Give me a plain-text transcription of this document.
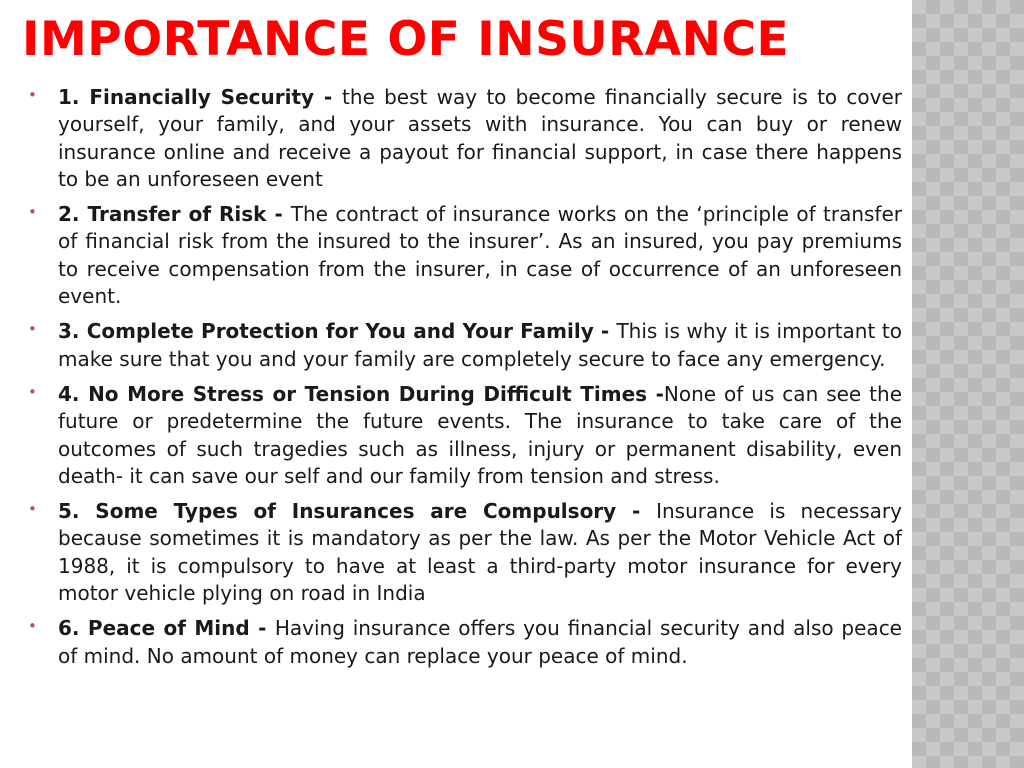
IMPORTANCE OF INSURANCE
• 1. Financially Security - the best way to become financially secure is to cover yourself, your family, and your assets with insurance. You can buy or renew insurance online and receive a payout for financial support, in case there happens to be an unforeseen event
• 2. Transfer of Risk - The contract of insurance works on the ‘principle of transfer of financial risk from the insured to the insurer’. As an insured, you pay premiums to receive compensation from the insurer, in case of occurrence of an unforeseen event.
• 3. Complete Protection for You and Your Family - This is why it is important to make sure that you and your family are completely secure to face any emergency.
• 4. No More Stress or Tension During Difficult Times -None of us can see the future or predetermine the future events. The insurance to take care of the outcomes of such tragedies such as illness, injury or permanent disability, even death- it can save our self and our family from tension and stress.
• 5. Some Types of Insurances are Compulsory - Insurance is necessary because sometimes it is mandatory as per the law. As per the Motor Vehicle Act of 1988, it is compulsory to have at least a third-party motor insurance for every motor vehicle plying on road in India
• 6. Peace of Mind - Having insurance offers you financial security and also peace of mind. No amount of money can replace your peace of mind.
